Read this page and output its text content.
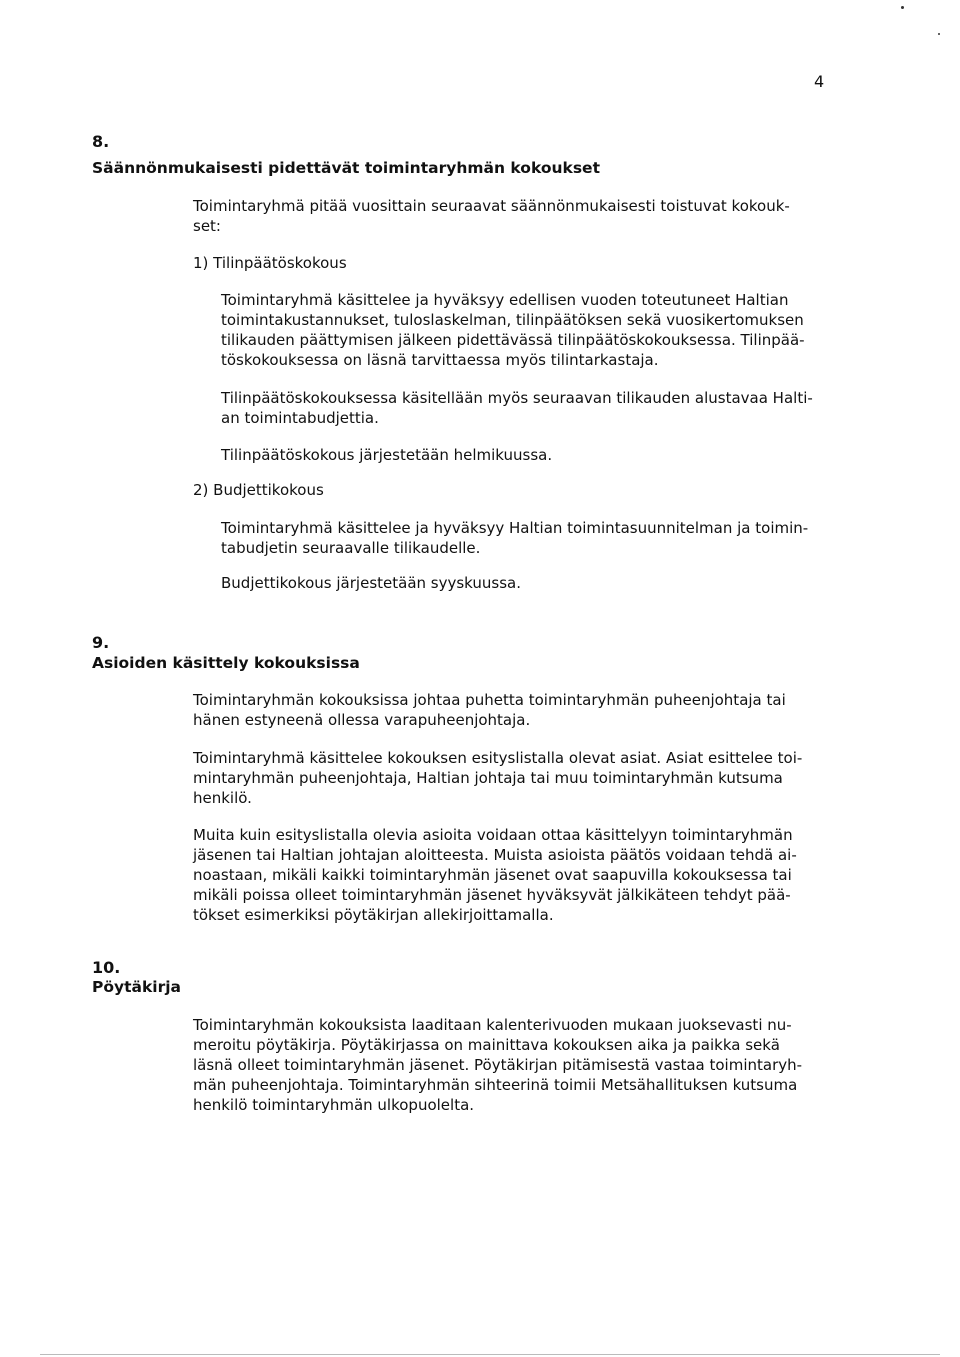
4
8.
Säännönmukaisesti pidettävät toimintaryhmän kokoukset
Toimintaryhmä pitää vuosittain seuraavat säännönmukaisesti toistuvat kokouk-
set:
1) Tilinpäätöskokous
Toimintaryhmä käsittelee ja hyväksyy edellisen vuoden toteutuneet Haltian
toimintakustannukset, tuloslaskelman, tilinpäätöksen sekä vuosikertomuksen
tilikauden päättymisen jälkeen pidettävässä tilinpäätöskokouksessa. Tilinpää-
töskokouksessa on läsnä tarvittaessa myös tilintarkastaja.
Tilinpäätöskokouksessa käsitellään myös seuraavan tilikauden alustavaa Halti-
an toimintabudjettia.
Tilinpäätöskokous järjestetään helmikuussa.
2) Budjettikokous
Toimintaryhmä käsittelee ja hyväksyy Haltian toimintasuunnitelman ja toimin-
tabudjetin seuraavalle tilikaudelle.
Budjettikokous järjestetään syyskuussa.
9.
Asioiden käsittely kokouksissa
Toimintaryhmän kokouksissa johtaa puhetta toimintaryhmän puheenjohtaja tai
hänen estyneenä ollessa varapuheenjohtaja.
Toimintaryhmä käsittelee kokouksen esityslistalla olevat asiat. Asiat esittelee toi-
mintaryhmän puheenjohtaja, Haltian johtaja tai muu toimintaryhmän kutsuma
henkilö.
Muita kuin esityslistalla olevia asioita voidaan ottaa käsittelyyn toimintaryhmän
jäsenen tai Haltian johtajan aloitteesta. Muista asioista päätös voidaan tehdä ai-
noastaan, mikäli kaikki toimintaryhmän jäsenet ovat saapuvilla kokouksessa tai
mikäli poissa olleet toimintaryhmän jäsenet hyväksyvät jälkikäteen tehdyt pää-
tökset esimerkiksi pöytäkirjan allekirjoittamalla.
10.
Pöytäkirja
Toimintaryhmän kokouksista laaditaan kalenterivuoden mukaan juoksevasti nu-
meroitu pöytäkirja. Pöytäkirjassa on mainittava kokouksen aika ja paikka sekä
läsnä olleet toimintaryhmän jäsenet. Pöytäkirjan pitämisestä vastaa toimintaryh-
män puheenjohtaja. Toimintaryhmän sihteerinä toimii Metsähallituksen kutsuma
henkilö toimintaryhmän ulkopuolelta.
